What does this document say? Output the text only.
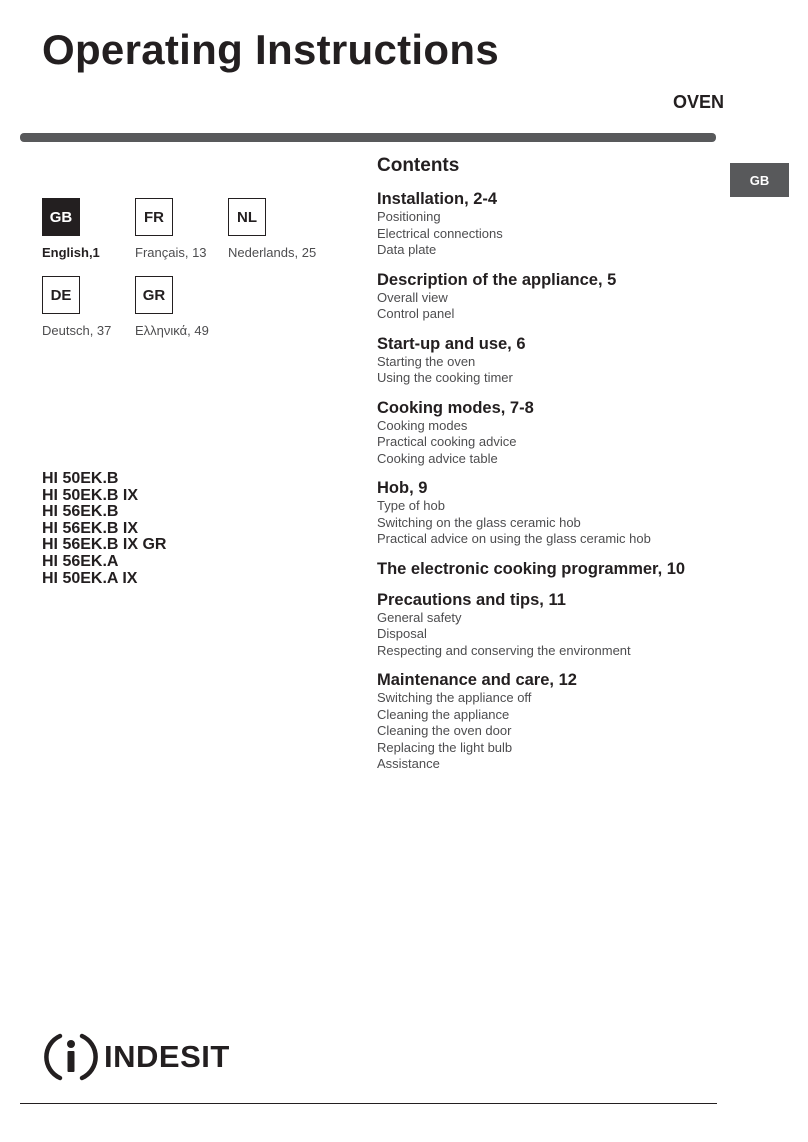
Operating Instructions
OVEN
GB
GB
English,1
FR
Français, 13
NL
Nederlands, 25
DE
Deutsch, 37
GR
Ελληνικά, 49
HI 50EK.B
HI 50EK.B IX
HI 56EK.B
HI 56EK.B IX
HI 56EK.B IX GR
HI 56EK.A
HI 50EK.A IX
Contents
Installation, 2-4
Positioning
Electrical connections
Data plate
Description of the appliance, 5
Overall view
Control panel
Start-up and use, 6
Starting the oven
Using the cooking timer
Cooking modes, 7-8
Cooking modes
Practical cooking advice
Cooking advice table
Hob, 9
Type of hob
Switching on the glass ceramic hob
Practical advice on using the glass ceramic hob
The electronic cooking programmer, 10
Precautions and tips, 11
General safety
Disposal
Respecting and conserving the environment
Maintenance and care, 12
Switching the appliance off
Cleaning the appliance
Cleaning the oven door
Replacing the light bulb
Assistance
INDESIT
